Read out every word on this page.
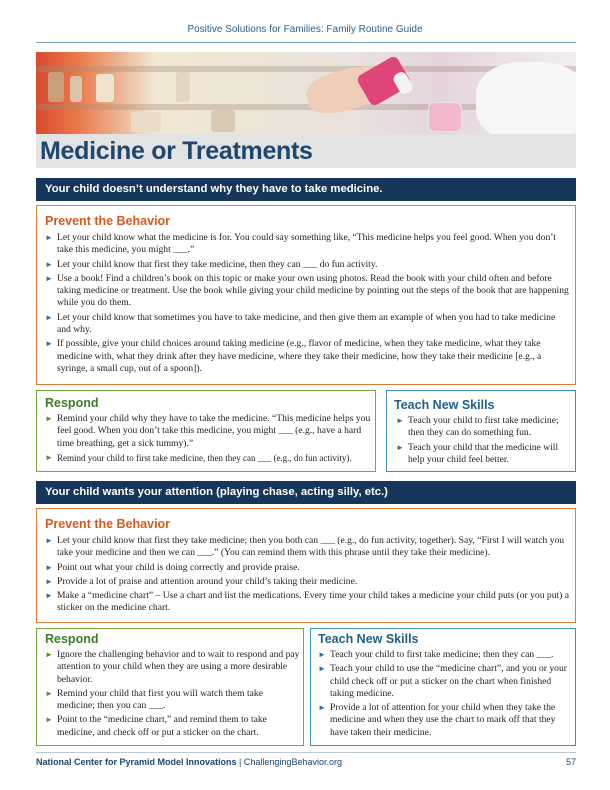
Positive Solutions for Families: Family Routine Guide
Medicine or Treatments
Your child doesn’t understand why they have to take medicine.
Prevent the Behavior
► Let your child know what the medicine is for. You could say something like, “This medicine helps you feel good. When you don’t take this medicine, you might ___.”
► Let your child know that first they take medicine, then they can ___ do fun activity.
► Use a book! Find a children’s book on this topic or make your own using photos. Read the book with your child often and before taking medicine or treatment. Use the book while giving your child medicine by pointing out the steps of the book that are happening while you do them.
► Let your child know that sometimes you have to take medicine, and then give them an example of when you had to take medicine and why.
► If possible, give your child choices around taking medicine (e.g., flavor of medicine, when they take medicine, what they take medicine with, what they drink after they have medicine, where they take their medicine, how they take their medicine [e.g., a syringe, a small cup, out of a spoon]).
Respond
► Remind your child why they have to take the medicine. “This medicine helps you feel good. When you don’t take this medicine, you might ___ (e.g., have a hard time breathing, get a sick tummy).”
► Remind your child to first take medicine, then they can ___ (e.g., do fun activity).
Teach New Skills
► Teach your child to first take medicine; then they can do something fun.
► Teach your child that the medicine will help your child feel better.
Your child wants your attention (playing chase, acting silly, etc.)
Prevent the Behavior
► Let your child know that first they take medicine; then you both can ___ (e.g., do fun activity, together). Say, “First I will watch you take your medicine and then we can ___.” (You can remind them with this phrase until they take their medicine).
► Point out what your child is doing correctly and provide praise.
► Provide a lot of praise and attention around your child’s taking their medicine.
► Make a “medicine chart” – Use a chart and list the medications. Every time your child takes a medicine your child puts (or you put) a sticker on the medicine chart.
Respond
► Ignore the challenging behavior and to wait to respond and pay attention to your child when they are using a more desirable behavior.
► Remind your child that first you will watch them take medicine; then you can ___.
► Point to the “medicine chart,” and remind them to take medicine, and check off or put a sticker on the chart.
Teach New Skills
► Teach your child to first take medicine; then they can ___.
► Teach your child to use the “medicine chart”, and you or your child check off or put a sticker on the chart when finished taking medicine.
► Provide a lot of attention for your child when they take the medicine and when they use the chart to mark off that they have taken their medicine.
National Center for Pyramid Model Innovations | ChallengingBehavior.org	57
